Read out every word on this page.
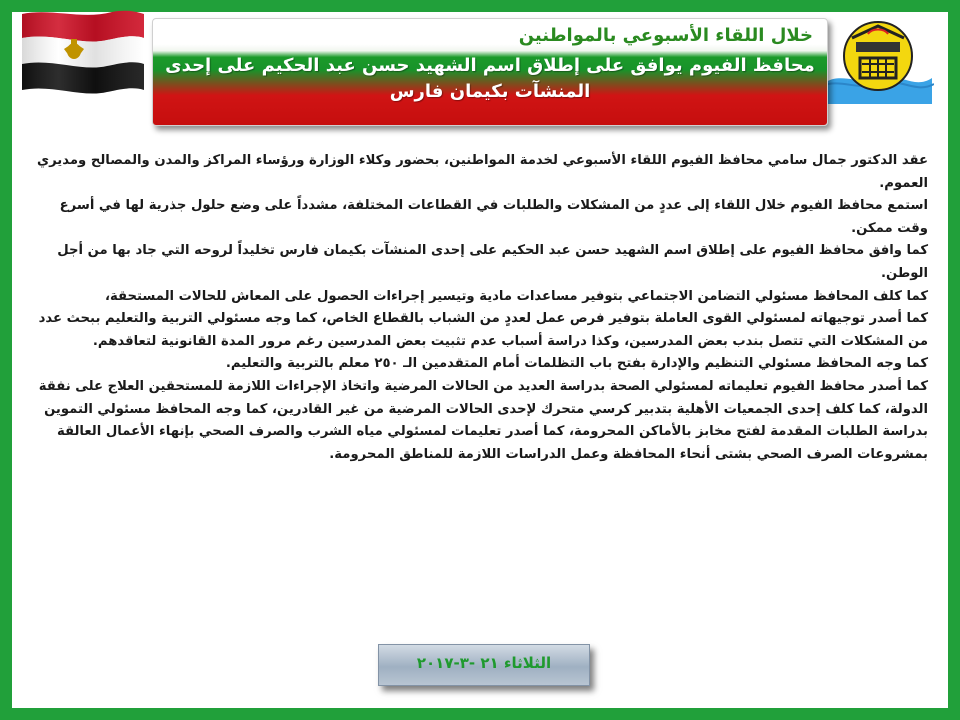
خلال اللقاء الأسبوعي بالمواطنين
محافظ الفيوم يوافق على إطلاق اسم الشهيد حسن عبد الحكيم على إحدى المنشآت بكيمان فارس

عقد الدكتور جمال سامي محافظ الفيوم اللقاء الأسبوعي لخدمة المواطنين، بحضور وكلاء الوزارة ورؤساء المراكز والمدن والمصالح ومديري العموم.

استمع محافظ الفيوم خلال اللقاء إلى عددٍ من المشكلات والطلبات في القطاعات المختلفة، مشدداً على وضع حلول جذرية لها في أسرع وقت ممكن.

كما وافق محافظ الفيوم على إطلاق اسم الشهيد حسن عبد الحكيم على إحدى المنشآت بكيمان فارس تخليداً لروحه التي جاد بها من أجل الوطن.

كما كلف المحافظ مسئولي التضامن الاجتماعي بتوفير مساعدات مادية وتيسير إجراءات الحصول على المعاش للحالات المستحقة،

كما أصدر توجيهاته لمسئولي القوى العاملة بتوفير فرص عمل لعددٍ من الشباب بالقطاع الخاص، كما وجه مسئولي التربية والتعليم ببحث عدد من المشكلات التي تتصل بندب بعض المدرسين، وكذا دراسة أسباب عدم تثبيت بعض المدرسين رغم مرور المدة القانونية لتعاقدهم.

كما وجه المحافظ مسئولي التنظيم والإدارة بفتح باب التظلمات أمام المتقدمين الـ ٢٥٠ معلم بالتربية والتعليم.

كما أصدر محافظ الفيوم تعليماته لمسئولي الصحة بدراسة العديد من الحالات المرضية واتخاذ الإجراءات اللازمة للمستحقين العلاج على نفقة الدولة، كما كلف إحدى الجمعيات الأهلية بتدبير كرسي متحرك لإحدى الحالات المرضية من غير القادرين، كما وجه المحافظ مسئولي التموين بدراسة الطلبات المقدمة لفتح مخابز بالأماكن المحرومة، كما أصدر تعليمات لمسئولي مياه الشرب والصرف الصحي بإنهاء الأعمال العالقة بمشروعات الصرف الصحي بشتى أنحاء المحافظة وعمل الدراسات اللازمة للمناطق المحرومة.

الثلاثاء ٢١ -٣-٢٠١٧
